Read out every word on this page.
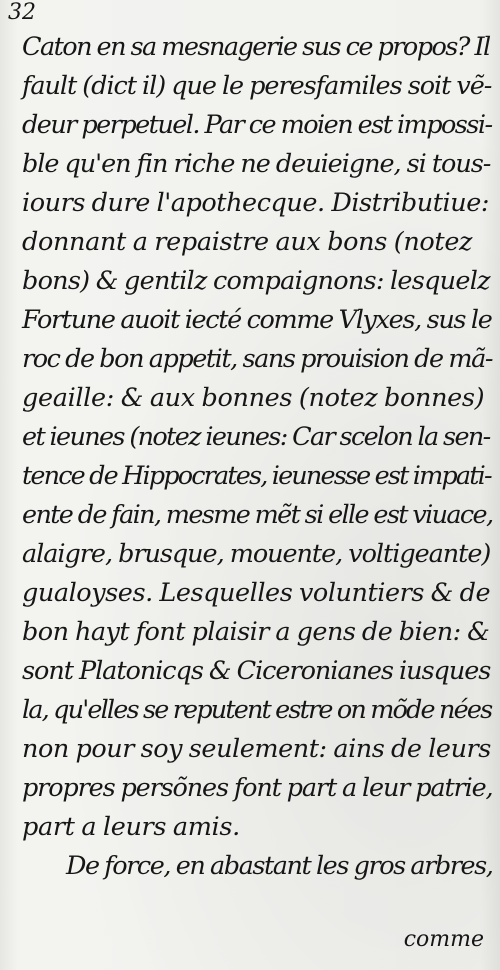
32
Caton en sa mesnagerie sus ce propos? Il
fault (dict il) que le peresfamiles soit vẽ-
deur perpetuel. Par ce moien est impossi-
ble qu'en fin riche ne deuieigne, si tous-
iours dure l'apothecque. Distributiue:
donnant a repaistre aux bons (notez
bons) & gentilz compaignons: lesquelz
Fortune auoit iecté comme Vlyxes, sus le
roc de bon appetit, sans prouision de mã-
geaille: & aux bonnes (notez bonnes)
et ieunes (notez ieunes: Car scelon la sen-
tence de Hippocrates, ieunesse est impati-
ente de fain, mesme mẽt si elle est viuace,
alaigre, brusque, mouente, voltigeante)
gualoyses. Lesquelles voluntiers & de
bon hayt font plaisir a gens de bien: &
sont Platonicqs & Ciceronianes iusques
la, qu'elles se reputent estre on mõde nées
non pour soy seulement: ains de leurs
propres persõnes font part a leur patrie,
part a leurs amis.
De force, en abastant les gros arbres,
comme
